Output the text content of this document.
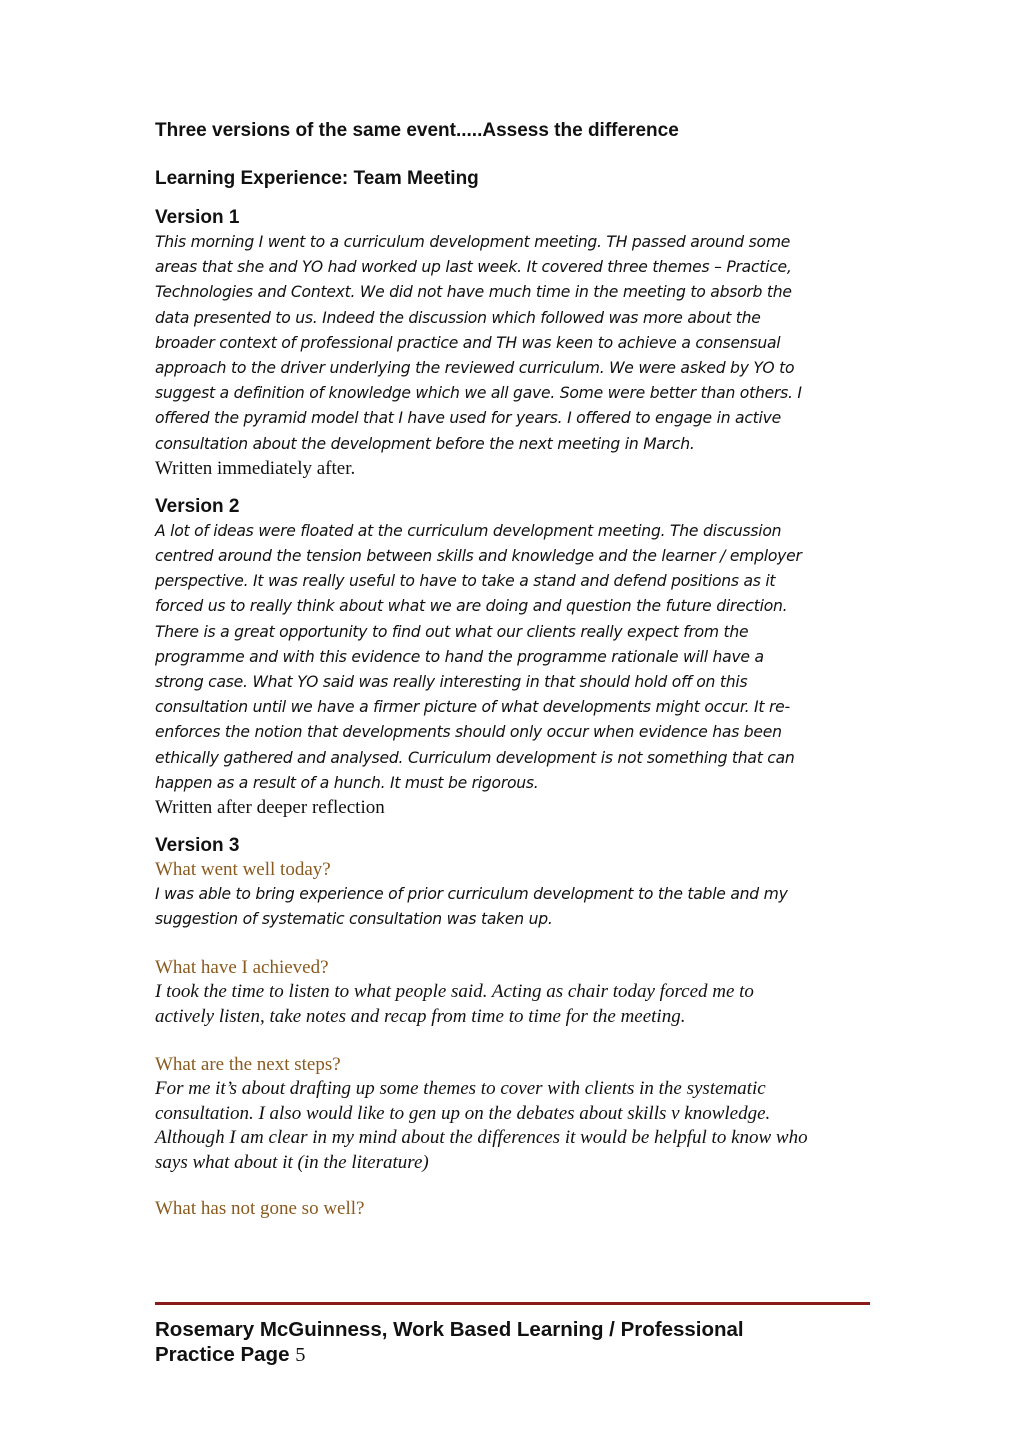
Three versions of the same event.....Assess the difference

Learning Experience: Team Meeting

Version 1

This morning I went to a curriculum development meeting. TH passed around some
areas that she and YO had worked up last week. It covered three themes – Practice,
Technologies and Context. We did not have much time in the meeting to absorb the
data presented to us. Indeed the discussion which followed was more about the
broader context of professional practice and TH was keen to achieve a consensual
approach to the driver underlying the reviewed curriculum. We were asked by YO to
suggest a definition of knowledge which we all gave. Some were better than others. I
offered the pyramid model that I have used for years. I offered to engage in active
consultation about the development before the next meeting in March.

Written immediately after.

Version 2

A lot of ideas were floated at the curriculum development meeting. The discussion
centred around the tension between skills and knowledge and the learner / employer
perspective. It was really useful to have to take a stand and defend positions as it
forced us to really think about what we are doing and question the future direction.
There is a great opportunity to find out what our clients really expect from the
programme and with this evidence to hand the programme rationale will have a
strong case. What YO said was really interesting in that should hold off on this
consultation until we have a firmer picture of what developments might occur. It re-
enforces the notion that developments should only occur when evidence has been
ethically gathered and analysed. Curriculum development is not something that can
happen as a result of a hunch. It must be rigorous.

Written after deeper reflection

Version 3

What went well today?

I was able to bring experience of prior curriculum development to the table and my
suggestion of systematic consultation was taken up.

What have I achieved?

I took the time to listen to what people said. Acting as chair today forced me to
actively listen, take notes and recap from time to time for the meeting.

What are the next steps?

For me it’s about drafting up some themes to cover with clients in the systematic
consultation. I also would like to gen up on the debates about skills v knowledge.
Although I am clear in my mind about the differences it would be helpful to know who
says what about it (in the literature)

What has not gone so well?

Rosemary McGuinness, Work Based Learning / Professional
Practice Page 5
